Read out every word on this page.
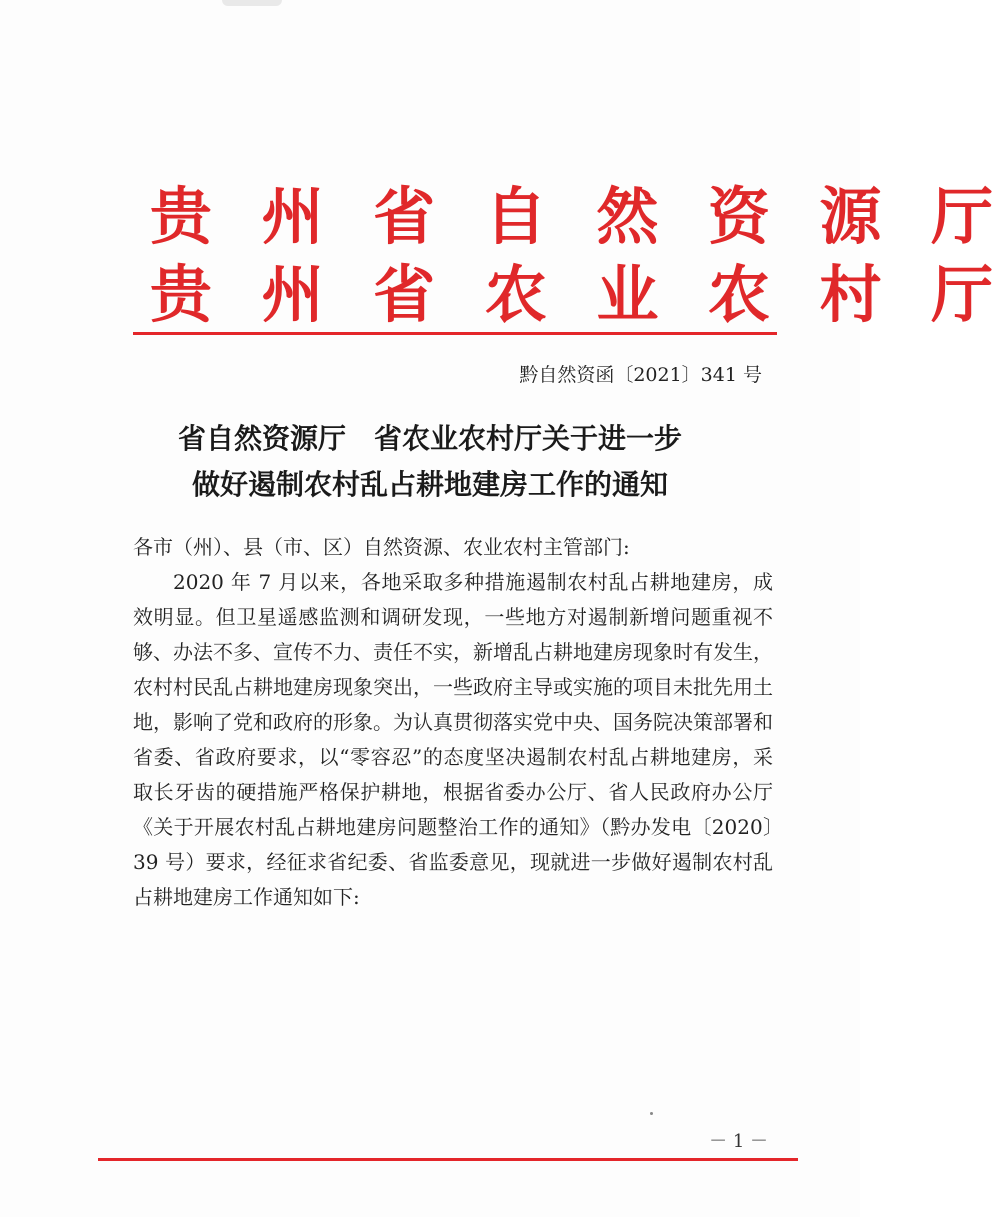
贵 州 省 自 然 资 源 厅
贵 州 省 农 业 农 村 厅
黔自然资函〔2021〕341 号
省自然资源厅　省农业农村厅关于进一步
做好遏制农村乱占耕地建房工作的通知

各市（州）、县（市、区）自然资源、农业农村主管部门:

2020 年 7 月以来，各地采取多种措施遏制农村乱占耕地建房，成效明显。但卫星遥感监测和调研发现，一些地方对遏制新增问题重视不够、办法不多、宣传不力、责任不实，新增乱占耕地建房现象时有发生，农村村民乱占耕地建房现象突出，一些政府主导或实施的项目未批先用土地，影响了党和政府的形象。为认真贯彻落实党中央、国务院决策部署和省委、省政府要求，以“零容忍”的态度坚决遏制农村乱占耕地建房，采取长牙齿的硬措施严格保护耕地，根据省委办公厅、省人民政府办公厅《关于开展农村乱占耕地建房问题整治工作的通知》（黔办发电〔2020〕39 号）要求，经征求省纪委、省监委意见，现就进一步做好遏制农村乱占耕地建房工作通知如下:

－ 1 －
